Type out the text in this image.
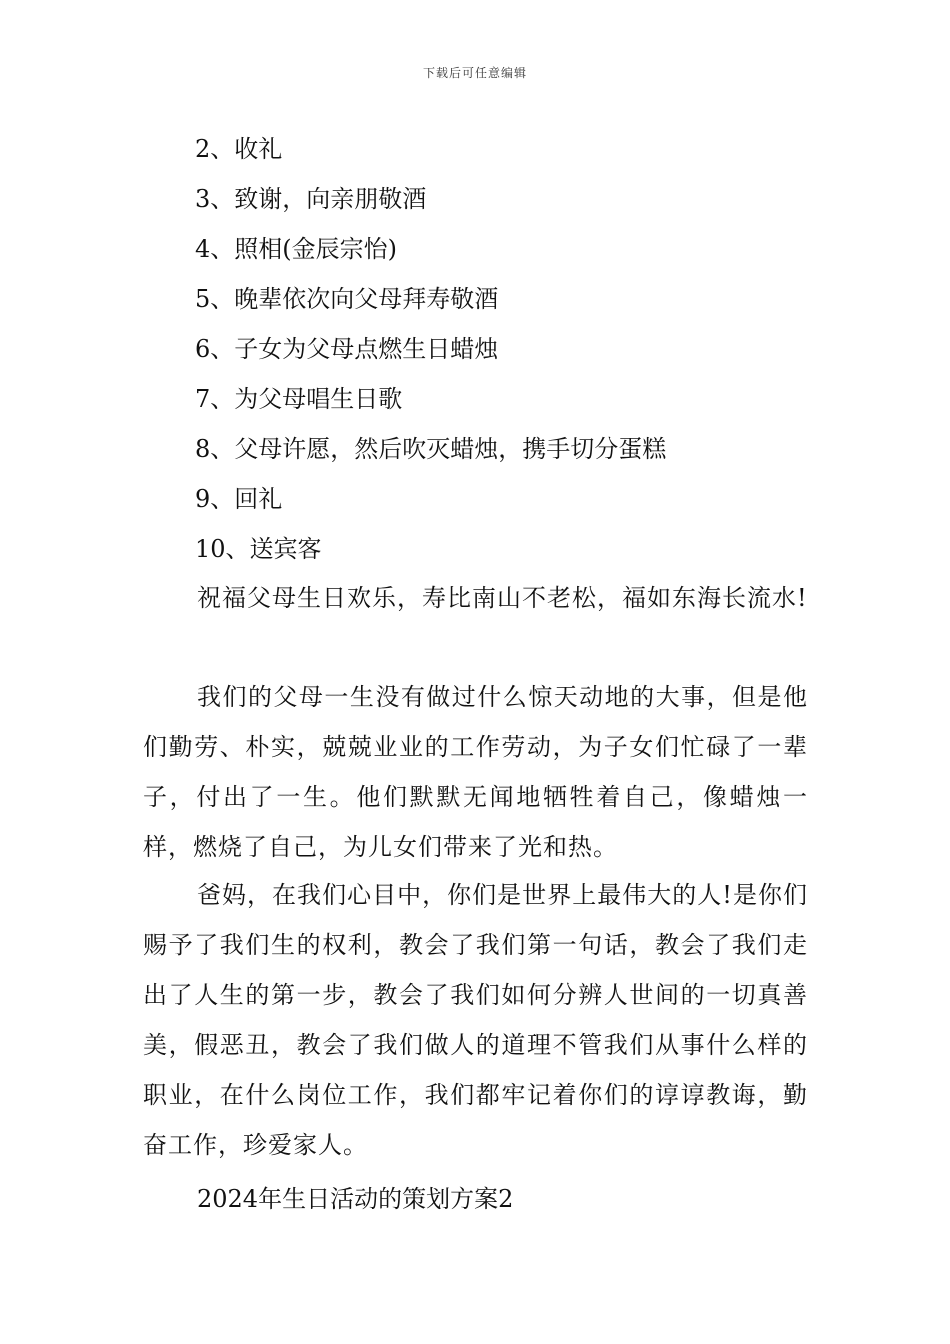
下载后可任意编辑
2、收礼
3、致谢，向亲朋敬酒
4、照相(金辰宗怡)
5、晚辈依次向父母拜寿敬酒
6、子女为父母点燃生日蜡烛
7、为父母唱生日歌
8、父母许愿，然后吹灭蜡烛，携手切分蛋糕
9、回礼
10、送宾客

祝福父母生日欢乐，寿比南山不老松，福如东海长流水!

我们的父母一生没有做过什么惊天动地的大事，但是他们勤劳、朴实，兢兢业业的工作劳动，为子女们忙碌了一辈子，付出了一生。他们默默无闻地牺牲着自己，像蜡烛一样，燃烧了自己，为儿女们带来了光和热。

爸妈，在我们心目中，你们是世界上最伟大的人!是你们赐予了我们生的权利，教会了我们第一句话，教会了我们走出了人生的第一步，教会了我们如何分辨人世间的一切真善美，假恶丑，教会了我们做人的道理不管我们从事什么样的职业，在什么岗位工作，我们都牢记着你们的谆谆教诲，勤奋工作，珍爱家人。

2024年生日活动的策划方案2
